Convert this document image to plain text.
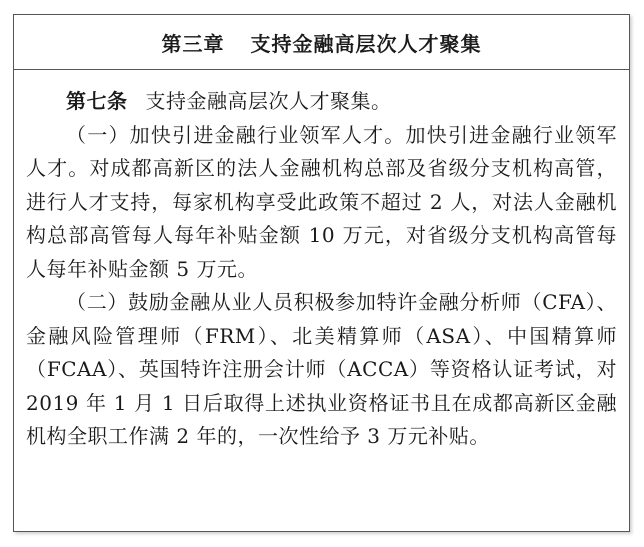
第三章 支持金融高层次人才聚集
第七条 支持金融高层次人才聚集。

（一）加快引进金融行业领军人才。加快引进金融行业领军人才。对成都高新区的法人金融机构总部及省级分支机构高管，进行人才支持，每家机构享受此政策不超过 2 人，对法人金融机构总部高管每人每年补贴金额 10 万元，对省级分支机构高管每人每年补贴金额 5 万元。

（二）鼓励金融从业人员积极参加特许金融分析师（CFA）、金融风险管理师（FRM）、北美精算师（ASA）、中国精算师（FCAA）、英国特许注册会计师（ACCA）等资格认证考试，对 2019 年 1 月 1 日后取得上述执业资格证书且在成都高新区金融机构全职工作满 2 年的，一次性给予 3 万元补贴。
